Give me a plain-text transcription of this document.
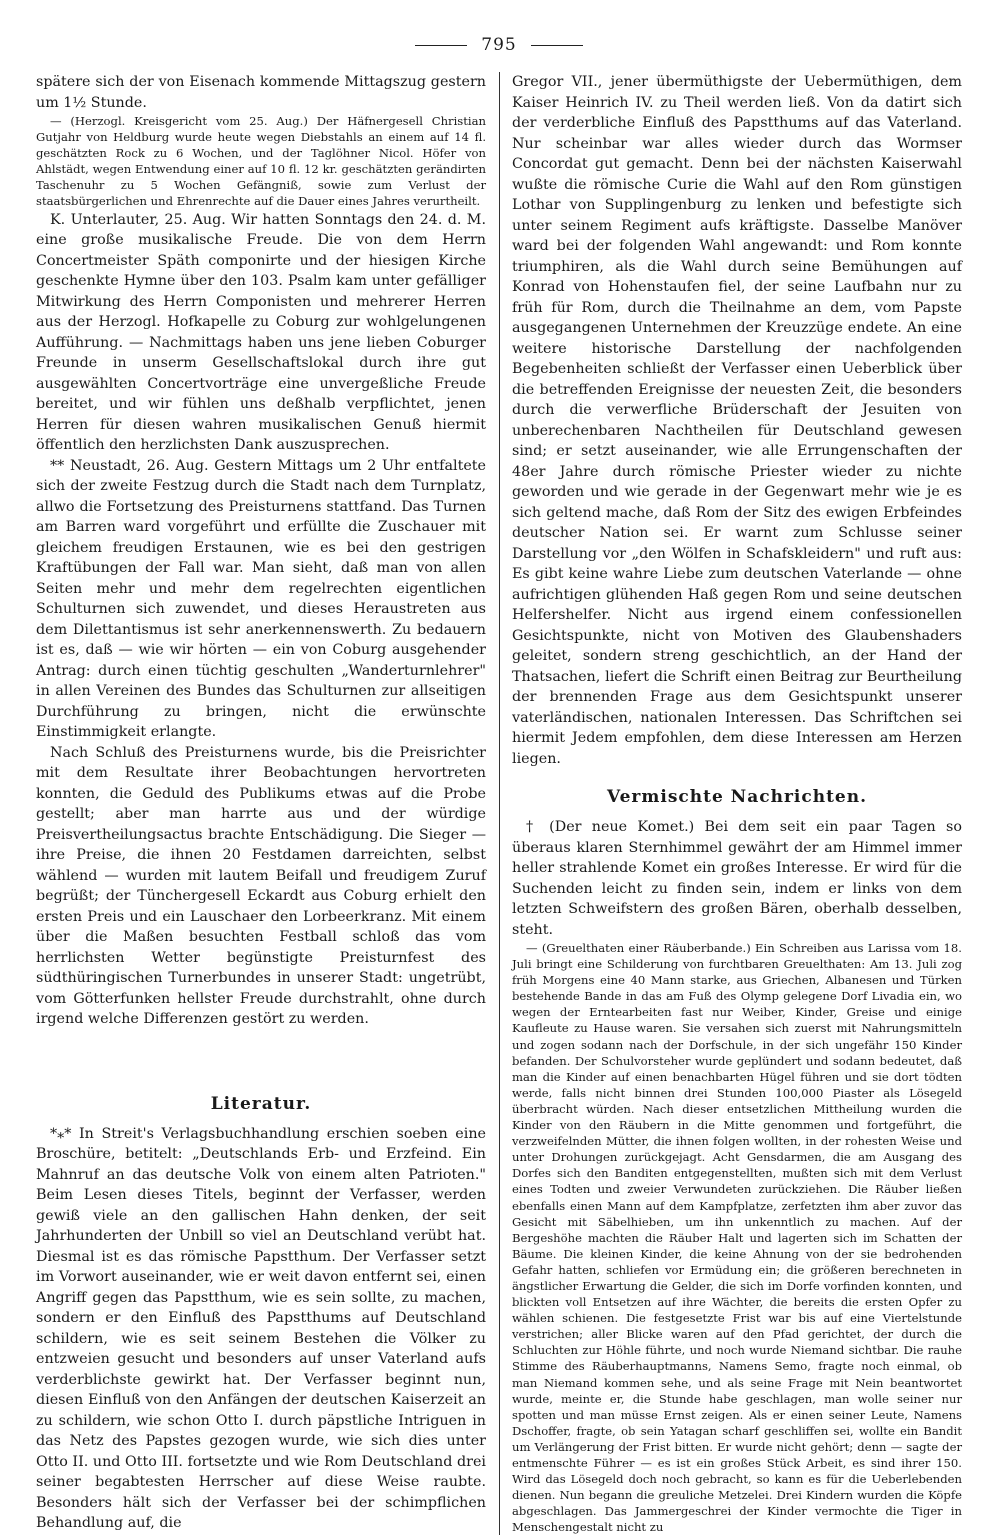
795

spätere sich der von Eisenach kommende Mittagszug gestern um 1½ Stunde.

— (Herzogl. Kreisgericht vom 25. Aug.) Der Häfnergesell Christian Gutjahr von Heldburg wurde heute wegen Diebstahls an einem auf 14 fl. geschätzten Rock zu 6 Wochen, und der Taglöhner Nicol. Höfer von Ahlstädt, wegen Entwendung einer auf 10 fl. 12 kr. geschätzten gerändirten Taschenuhr zu 5 Wochen Gefängniß, sowie zum Verlust der staatsbürgerlichen und Ehrenrechte auf die Dauer eines Jahres verurtheilt.

K. Unterlauter, 25. Aug. Wir hatten Sonntags den 24. d. M. eine große musikalische Freude. Die von dem Herrn Concertmeister Späth componirte und der hiesigen Kirche geschenkte Hymne über den 103. Psalm kam unter gefälliger Mitwirkung des Herrn Componisten und mehrerer Herren aus der Herzogl. Hofkapelle zu Coburg zur wohlgelungenen Aufführung. — Nachmittags haben uns jene lieben Coburger Freunde in unserm Gesellschaftslokal durch ihre gut ausgewählten Concertvorträge eine unvergeßliche Freude bereitet, und wir fühlen uns deßhalb verpflichtet, jenen Herren für diesen wahren musikalischen Genuß hiermit öffentlich den herzlichsten Dank auszusprechen.

** Neustadt, 26. Aug. Gestern Mittags um 2 Uhr entfaltete sich der zweite Festzug durch die Stadt nach dem Turnplatz, allwo die Fortsetzung des Preisturnens stattfand. Das Turnen am Barren ward vorgeführt und erfüllte die Zuschauer mit gleichem freudigen Erstaunen, wie es bei den gestrigen Kraftübungen der Fall war. Man sieht, daß man von allen Seiten mehr und mehr dem regelrechten eigentlichen Schulturnen sich zuwendet, und dieses Heraustreten aus dem Dilettantismus ist sehr anerkennenswerth. Zu bedauern ist es, daß — wie wir hörten — ein von Coburg ausgehender Antrag: durch einen tüchtig geschulten „Wanderturnlehrer" in allen Vereinen des Bundes das Schulturnen zur allseitigen Durchführung zu bringen, nicht die erwünschte Einstimmigkeit erlangte.

Nach Schluß des Preisturnens wurde, bis die Preisrichter mit dem Resultate ihrer Beobachtungen hervortreten konnten, die Geduld des Publikums etwas auf die Probe gestellt; aber man harrte aus und der würdige Preisvertheilungsactus brachte Entschädigung. Die Sieger — ihre Preise, die ihnen 20 Festdamen darreichten, selbst wählend — wurden mit lautem Beifall und freudigem Zuruf begrüßt; der Tünchergesell Eckardt aus Coburg erhielt den ersten Preis und ein Lauschaer den Lorbeerkranz. Mit einem über die Maßen besuchten Festball schloß das vom herrlichsten Wetter begünstigte Preisturnfest des südthüringischen Turnerbundes in unserer Stadt: ungetrübt, vom Götterfunken hellster Freude durchstrahlt, ohne durch irgend welche Differenzen gestört zu werden.

Literatur.

*⁎* In Streit's Verlagsbuchhandlung erschien soeben eine Broschüre, betitelt: „Deutschlands Erb- und Erzfeind. Ein Mahnruf an das deutsche Volk von einem alten Patrioten." Beim Lesen dieses Titels, beginnt der Verfasser, werden gewiß viele an den gallischen Hahn denken, der seit Jahrhunderten der Unbill so viel an Deutschland verübt hat. Diesmal ist es das römische Papstthum. Der Verfasser setzt im Vorwort auseinander, wie er weit davon entfernt sei, einen Angriff gegen das Papstthum, wie es sein sollte, zu machen, sondern er den Einfluß des Papstthums auf Deutschland schildern, wie es seit seinem Bestehen die Völker zu entzweien gesucht und besonders auf unser Vaterland aufs verderblichste gewirkt hat. Der Verfasser beginnt nun, diesen Einfluß von den Anfängen der deutschen Kaiserzeit an zu schildern, wie schon Otto I. durch päpstliche Intriguen in das Netz des Papstes gezogen wurde, wie sich dies unter Otto II. und Otto III. fortsetzte und wie Rom Deutschland drei seiner begabtesten Herrscher auf diese Weise raubte. Besonders hält sich der Verfasser bei der schimpflichen Behandlung auf, die

Gregor VII., jener übermüthigste der Uebermüthigen, dem Kaiser Heinrich IV. zu Theil werden ließ. Von da datirt sich der verderbliche Einfluß des Papstthums auf das Vaterland. Nur scheinbar war alles wieder durch das Wormser Concordat gut gemacht. Denn bei der nächsten Kaiserwahl wußte die römische Curie die Wahl auf den Rom günstigen Lothar von Supplingenburg zu lenken und befestigte sich unter seinem Regiment aufs kräftigste. Dasselbe Manöver ward bei der folgenden Wahl angewandt: und Rom konnte triumphiren, als die Wahl durch seine Bemühungen auf Konrad von Hohenstaufen fiel, der seine Laufbahn nur zu früh für Rom, durch die Theilnahme an dem, vom Papste ausgegangenen Unternehmen der Kreuzzüge endete. An eine weitere historische Darstellung der nachfolgenden Begebenheiten schließt der Verfasser einen Ueberblick über die betreffenden Ereignisse der neuesten Zeit, die besonders durch die verwerfliche Brüderschaft der Jesuiten von unberechenbaren Nachtheilen für Deutschland gewesen sind; er setzt auseinander, wie alle Errungenschaften der 48er Jahre durch römische Priester wieder zu nichte geworden und wie gerade in der Gegenwart mehr wie je es sich geltend mache, daß Rom der Sitz des ewigen Erbfeindes deutscher Nation sei. Er warnt zum Schlusse seiner Darstellung vor „den Wölfen in Schafskleidern" und ruft aus: Es gibt keine wahre Liebe zum deutschen Vaterlande — ohne aufrichtigen glühenden Haß gegen Rom und seine deutschen Helfershelfer. Nicht aus irgend einem confessionellen Gesichtspunkte, nicht von Motiven des Glaubenshaders geleitet, sondern streng geschichtlich, an der Hand der Thatsachen, liefert die Schrift einen Beitrag zur Beurtheilung der brennenden Frage aus dem Gesichtspunkt unserer vaterländischen, nationalen Interessen. Das Schriftchen sei hiermit Jedem empfohlen, dem diese Interessen am Herzen liegen.

Vermischte Nachrichten.

† (Der neue Komet.) Bei dem seit ein paar Tagen so überaus klaren Sternhimmel gewährt der am Himmel immer heller strahlende Komet ein großes Interesse. Er wird für die Suchenden leicht zu finden sein, indem er links von dem letzten Schweifstern des großen Bären, oberhalb desselben, steht.

— (Greuelthaten einer Räuberbande.) Ein Schreiben aus Larissa vom 18. Juli bringt eine Schilderung von furchtbaren Greuelthaten: Am 13. Juli zog früh Morgens eine 40 Mann starke, aus Griechen, Albanesen und Türken bestehende Bande in das am Fuß des Olymp gelegene Dorf Livadia ein, wo wegen der Erntearbeiten fast nur Weiber, Kinder, Greise und einige Kaufleute zu Hause waren. Sie versahen sich zuerst mit Nahrungsmitteln und zogen sodann nach der Dorfschule, in der sich ungefähr 150 Kinder befanden. Der Schulvorsteher wurde geplündert und sodann bedeutet, daß man die Kinder auf einen benachbarten Hügel führen und sie dort tödten werde, falls nicht binnen drei Stunden 100,000 Piaster als Lösegeld überbracht würden. Nach dieser entsetzlichen Mittheilung wurden die Kinder von den Räubern in die Mitte genommen und fortgeführt, die verzweifelnden Mütter, die ihnen folgen wollten, in der rohesten Weise und unter Drohungen zurückgejagt. Acht Gensdarmen, die am Ausgang des Dorfes sich den Banditen entgegenstellten, mußten sich mit dem Verlust eines Todten und zweier Verwundeten zurückziehen. Die Räuber ließen ebenfalls einen Mann auf dem Kampfplatze, zerfetzten ihm aber zuvor das Gesicht mit Säbelhieben, um ihn unkenntlich zu machen. Auf der Bergeshöhe machten die Räuber Halt und lagerten sich im Schatten der Bäume. Die kleinen Kinder, die keine Ahnung von der sie bedrohenden Gefahr hatten, schliefen vor Ermüdung ein; die größeren berechneten in ängstlicher Erwartung die Gelder, die sich im Dorfe vorfinden konnten, und blickten voll Entsetzen auf ihre Wächter, die bereits die ersten Opfer zu wählen schienen. Die festgesetzte Frist war bis auf eine Viertelstunde verstrichen; aller Blicke waren auf den Pfad gerichtet, der durch die Schluchten zur Höhle führte, und noch wurde Niemand sichtbar. Die rauhe Stimme des Räuberhauptmanns, Namens Semo, fragte noch einmal, ob man Niemand kommen sehe, und als seine Frage mit Nein beantwortet wurde, meinte er, die Stunde habe geschlagen, man wolle seiner nur spotten und man müsse Ernst zeigen. Als er einen seiner Leute, Namens Dschoffer, fragte, ob sein Yatagan scharf geschliffen sei, wollte ein Bandit um Verlängerung der Frist bitten. Er wurde nicht gehört; denn — sagte der entmenschte Führer — es ist ein großes Stück Arbeit, es sind ihrer 150. Wird das Lösegeld doch noch gebracht, so kann es für die Ueberlebenden dienen. Nun begann die greuliche Metzelei. Drei Kindern wurden die Köpfe abgeschlagen. Das Jammergeschrei der Kinder vermochte die Tiger in Menschengestalt nicht zu
